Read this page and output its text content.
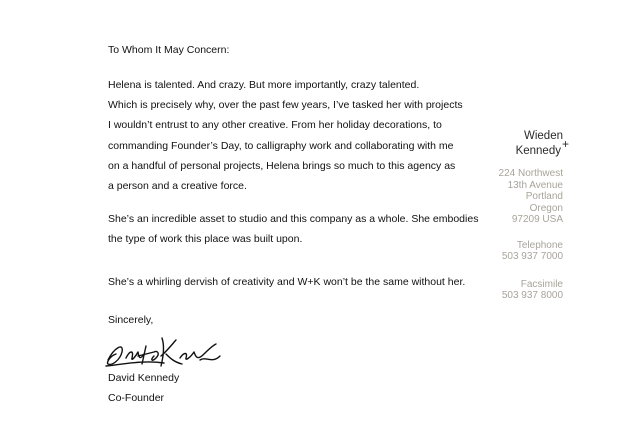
To Whom It May Concern:
Helena is talented. And crazy. But more importantly, crazy talented.
Which is precisely why, over the past few years, I’ve tasked her with projects
I wouldn’t entrust to any other creative. From her holiday decorations, to
commanding Founder’s Day, to calligraphy work and collaborating with me
on a handful of personal projects, Helena brings so much to this agency as
a person and a creative force.
She’s an incredible asset to studio and this company as a whole. She embodies
the type of work this place was built upon.
She’s a whirling dervish of creativity and W+K won’t be the same without her.
Sincerely,
David Kennedy
Co-Founder
Wieden
Kennedy+
224 Northwest
13th Avenue
Portland
Oregon
97209 USA
Telephone
503 937 7000
Facsimile
503 937 8000
